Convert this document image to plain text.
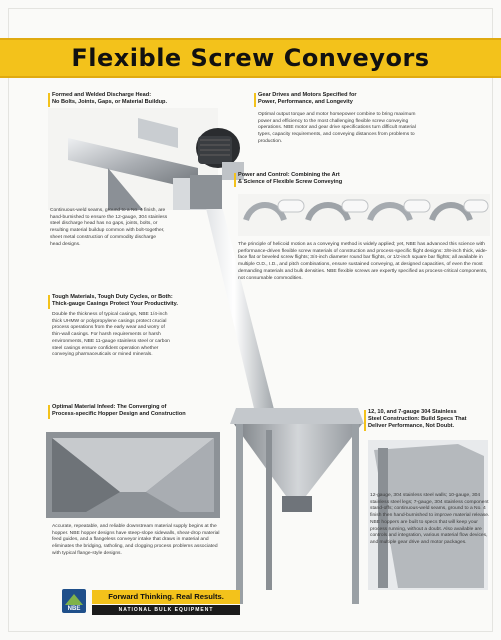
Flexible Screw Conveyors
Formed and Welded Discharge Head:
No Bolts, Joints, Gaps, or Material Buildup.
Gear Drives and Motors Specified for
Power, Performance, and Longevity
Optimal output torque and motor horsepower combine to bring maximum power and efficiency to the most challenging flexible screw conveying operations. NBE motor and gear drive specifications turn difficult material types, capacity requirements, and conveying distances from problems to production.
Power and Control: Combining the Art
& Science of Flexible Screw Conveying
The principle of helicoid motion as a conveying method is widely applied; yet, NBE has advanced this science with performance-driven flexible screw materials of construction and process-specific flight designs: 3/8-inch thick, wide-face flat or beveled screw flights; 3/4-inch diameter round bar flights, or 1/2-inch square bar flights; all available in multiple O.D., I.D., and pitch combinations, ensure sustained conveying, at designed capacities, of even the most demanding materials and bulk densities. NBE flexible screws are expertly specified as process-critical components, not consumable commodities.
Continuous-weld seams, ground to a No. 4 finish, are hand-burnished to ensure the 12-gauge, 304 stainless steel discharge head has no gaps, joints, bolts, or resulting material buildup common with bolt-together, sheet metal construction of commodity discharge head designs.
Tough Materials, Tough Duty Cycles, or Both:
Thick-gauge Casings Protect Your Productivity.
Double the thickness of typical casings, NBE 1/4-inch thick UHMW or polypropylene casings protect crucial process operations from the early wear and worry of thin-wall casings. For harsh requirements or harsh environments, NBE 11-gauge stainless steel or carbon steel casings ensure confident operation whether conveying pharmaceuticals or mined minerals.
12, 10, and 7-gauge 304 Stainless
Steel Construction: Build Specs That
Deliver Performance, Not Doubt.
12-gauge, 304 stainless steel walls; 10-gauge, 304 stainless steel legs; 7-gauge, 304 stainless component stand-offs; continuous-weld seams, ground to a No. 4 finish then hand-burnished to improve material release. NBE hoppers are built to specs that will keep your process running, without a doubt. Also available are controls and integration, various material flow devices, and multiple gear drive and motor packages.
Optimal Material Infeed: The Converging of
Process-specific Hopper Design and Construction
Accurate, repeatable, and reliable downstream material supply begins at the hopper. NBE hopper designs have steep-slope sidewalls, shear-drop material feed guides, and a flangeless conveyor intake that draws in material and eliminates the bridging, ratholing, and clogging process problems associated with typical flange-style designs.
NBE
Forward Thinking. Real Results.
NATIONAL BULK EQUIPMENT
